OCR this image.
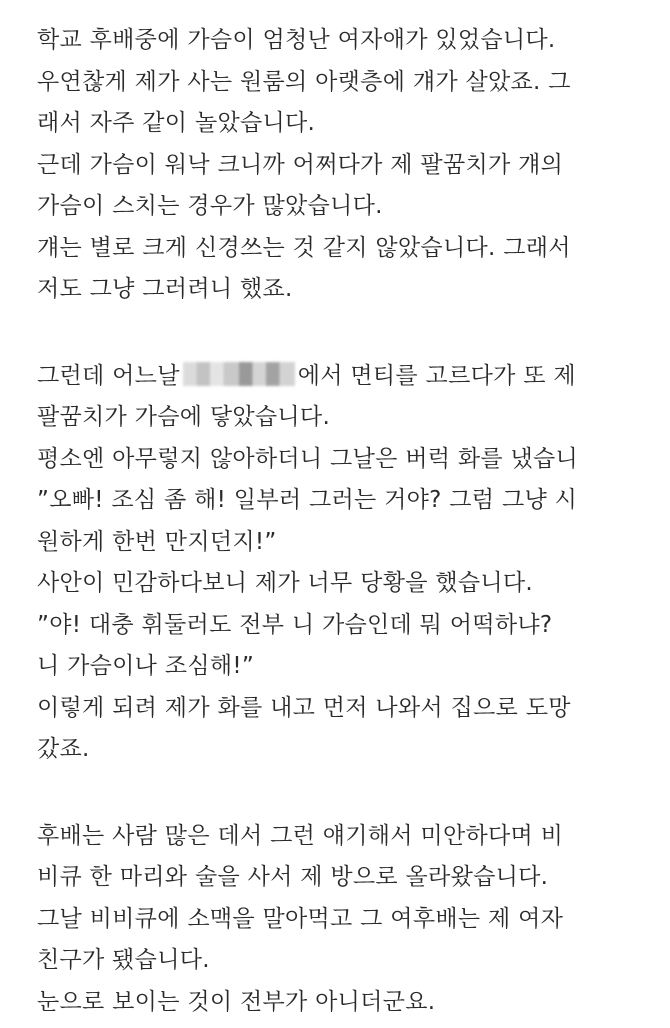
학교 후배중에 가슴이 엄청난 여자애가 있었습니다.
우연찮게 제가 사는 원룸의 아랫층에 걔가 살았죠. 그
래서 자주 같이 놀았습니다.
근데 가슴이 워낙 크니까 어쩌다가 제 팔꿈치가 걔의
가슴이 스치는 경우가 많았습니다.
걔는 별로 크게 신경쓰는 것 같지 않았습니다. 그래서
저도 그냥 그러려니 했죠.
그런데 어느날	에서 면티를 고르다가 또 제
팔꿈치가 가슴에 닿았습니다.
평소엔 아무렇지 않아하더니 그날은 버럭 화를 냈습니
”오빠! 조심 좀 해! 일부러 그러는 거야? 그럼 그냥 시
원하게 한번 만지던지!”
사안이 민감하다보니 제가 너무 당황을 했습니다.
”야! 대충 휘둘러도 전부 니 가슴인데 뭐 어떡하냐?
니 가슴이나 조심해!”
이렇게 되려 제가 화를 내고 먼저 나와서 집으로 도망
갔죠.
후배는 사람 많은 데서 그런 얘기해서 미안하다며 비
비큐 한 마리와 술을 사서 제 방으로 올라왔습니다.
그날 비비큐에 소맥을 말아먹고 그 여후배는 제 여자
친구가 됐습니다.
눈으로 보이는 것이 전부가 아니더군요.
